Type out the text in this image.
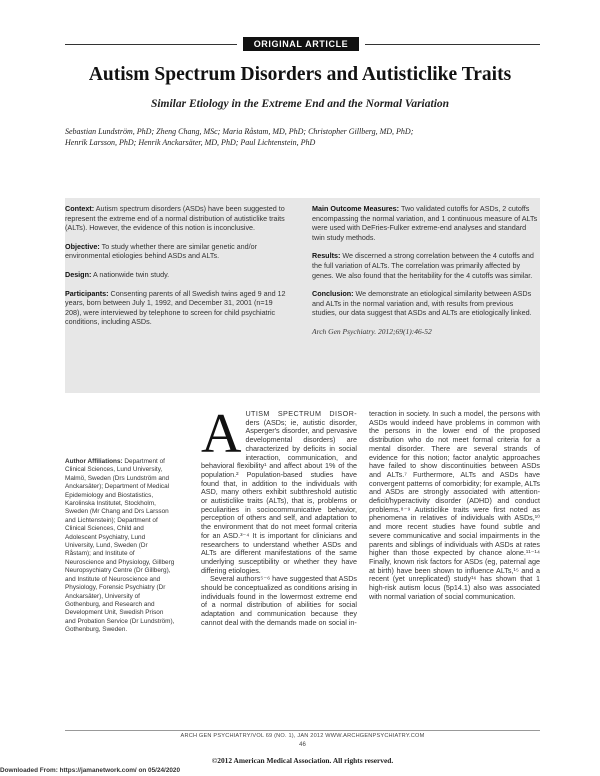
ORIGINAL ARTICLE
Autism Spectrum Disorders and Autisticlike Traits
Similar Etiology in the Extreme End and the Normal Variation
Sebastian Lundström, PhD; Zheng Chang, MSc; Maria Råstam, MD, PhD; Christopher Gillberg, MD, PhD;
Henrik Larsson, PhD; Henrik Anckarsäter, MD, PhD; Paul Lichtenstein, PhD

Context: Autism spectrum disorders (ASDs) have been suggested to represent the extreme end of a normal distribution of autisticlike traits (ALTs). However, the evidence of this notion is inconclusive.

Objective: To study whether there are similar genetic and/or environmental etiologies behind ASDs and ALTs.

Design: A nationwide twin study.

Participants: Consenting parents of all Swedish twins aged 9 and 12 years, born between July 1, 1992, and December 31, 2001 (n=19 208), were interviewed by telephone to screen for child psychiatric conditions, including ASDs.

Main Outcome Measures: Two validated cutoffs for ASDs, 2 cutoffs encompassing the normal variation, and 1 continuous measure of ALTs were used with DeFries-Fulker extreme-end analyses and standard twin study methods.

Results: We discerned a strong correlation between the 4 cutoffs and the full variation of ALTs. The correlation was primarily affected by genes. We also found that the heritability for the 4 cutoffs was similar.

Conclusion: We demonstrate an etiological similarity between ASDs and ALTs in the normal variation and, with results from previous studies, our data suggest that ASDs and ALTs are etiologically linked.

Arch Gen Psychiatry. 2012;69(1):46-52

Author Affiliations: Department of Clinical Sciences, Lund University, Malmö, Sweden (Drs Lundström and Anckarsäter); Department of Medical Epidemiology and Biostatistics, Karolinska Institutet, Stockholm, Sweden (Mr Chang and Drs Larsson and Lichtenstein); Department of Clinical Sciences, Child and Adolescent Psychiatry, Lund University, Lund, Sweden (Dr Råstam); and Institute of Neuroscience and Physiology, Gillberg Neuropsychiatry Centre (Dr Gillberg), and Institute of Neuroscience and Physiology, Forensic Psychiatry (Dr Anckarsäter), University of Gothenburg, and Research and Development Unit, Swedish Prison and Probation Service (Dr Lundström), Gothenburg, Sweden.

AUTISM SPECTRUM DISOR- ders (ASDs; ie, autistic disorder, Asperger's disorder, and pervasive developmental disorders) are characterized by deficits in social interaction, communication, and behavioral flexibility¹ and affect about 1% of the population.² Population-based studies have found that, in addition to the individuals with ASD, many others exhibit subthreshold autistic or autisticlike traits (ALTs), that is, problems or peculiarities in sociocommunicative behavior, perception of others and self, and adaptation to the environment that do not meet formal criteria for an ASD.³⁻⁴ It is important for clinicians and researchers to understand whether ASDs and ALTs are different manifestations of the same underlying susceptibility or whether they have differing etiologies.

Several authors⁵⁻⁶ have suggested that ASDs should be conceptualized as conditions arising in individuals found in the lowermost extreme end of a normal distribution of abilities for social adaptation and communication because they cannot deal with the demands made on social in-

teraction in society. In such a model, the persons with ASDs would indeed have problems in common with the persons in the lower end of the proposed distribution who do not meet formal criteria for a mental disorder. There are several strands of evidence for this notion; factor analytic approaches have failed to show discontinuities between ASDs and ALTs.⁷ Furthermore, ALTs and ASDs have convergent patterns of comorbidity; for example, ALTs and ASDs are strongly associated with attention-deficit/hyperactivity disorder (ADHD) and conduct problems.⁸⁻⁹ Autisticlike traits were first noted as phenomena in relatives of individuals with ASDs,¹⁰ and more recent studies have found subtle and severe communicative and social impairments in the parents and siblings of individuals with ASDs at rates higher than those expected by chance alone.¹¹⁻¹⁴ Finally, known risk factors for ASDs (eg, paternal age at birth) have been shown to influence ALTs,¹⁵ and a recent (yet unreplicated) study¹⁶ has shown that 1 high-risk autism locus (5p14.1) also was associated with normal variation of social communication.

ARCH GEN PSYCHIATRY/VOL 69 (NO. 1), JAN 2012 WWW.ARCHGENPSYCHIATRY.COM
46
©2012 American Medical Association. All rights reserved.
Downloaded From: https://jamanetwork.com/ on 05/24/2020
